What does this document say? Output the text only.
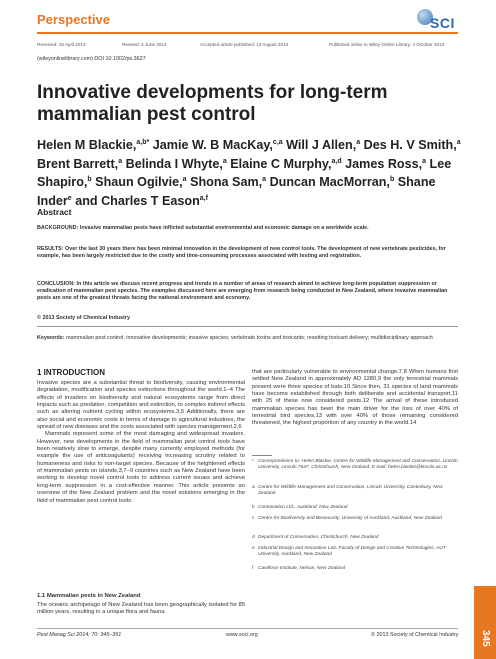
Perspective	SCI
Received: 19 April 2013	Revised: 4 June 2013	Accepted article published: 13 August 2013	Published online in Wiley Online Library: 4 October 2013
(wileyonlinelibrary.com) DOI 10.1002/ps.3627
Innovative developments for long-term mammalian pest control
Helen M Blackie,$^{a,b*}$ Jamie W. B MacKay,$^{c,a}$ Will J Allen,$^a$ Des H. V Smith,$^a$ Brent Barrett,$^a$ Belinda I Whyte,$^a$ Elaine C Murphy,$^{a,d}$ James Ross,$^a$ Lee Shapiro,$^b$ Shaun Ogilvie,$^a$ Shona Sam,$^a$ Duncan MacMorran,$^b$ Shane Inder$^e$ and Charles T Eason$^{a,f}$
Abstract
BACKGROUND: Invasive mammalian pests have inflicted substantial environmental and economic damage on a worldwide scale.
RESULTS: Over the last 30 years there has been minimal innovation in the development of new control tools. The development of new vertebrate pesticides, for example, has been largely restricted due to the costly and time-consuming processes associated with testing and registration.
CONCLUSION: In this article we discuss recent progress and trends in a number of areas of research aimed to achieve long-term population suppression or eradication of mammalian pest species. The examples discussed here are emerging from research being conducted in New Zealand, where invasive mammalian pests are one of the greatest threats facing the national environment and economy.
© 2013 Society of Chemical Industry
Keywords: mammalian pest control; innovative developments; invasive species; vertebrate toxins and toxicants; resetting toxicant delivery; multidisciplinary approach
1 INTRODUCTION
Invasive species are a substantial threat to biodiversity, causing environmental degradation, modification and species extinctions throughout the world.1–4 The effects of invaders on biodiversity and natural ecosystems range from direct impacts such as predation, competition and extinction, to complex indirect effects such as altering nutrient cycling within ecosystems.3,5 Additionally, there are also social and economic costs in terms of damage to agricultural industries, the spread of new diseases and the costs associated with species management.2,6
Mammals represent some of the most damaging and widespread invaders. However, new developments in the field of mammalian pest control tools have been relatively slow to emerge, despite many currently employed methods (for example the use of anticoagulants) receiving increasing scrutiny related to humaneness and risks to non-target species. Because of the heightened effects of mammalian pests on islands,3,7–9 countries such as New Zealand have been working to develop novel control tools to address current issues and achieve long-term suppression in a cost-effective manner. This article presents an overview of the New Zealand problem and the novel solutions emerging in the field of mammalian pest control tools.
1.1 Mammalian pests in New Zealand
The oceanic archipelago of New Zealand has been geographically isolated for 85 million years, resulting in a unique flora and fauna
that are particularly vulnerable to environmental change.7,8 When humans first settled New Zealand in approximately AD 1280,9 the only terrestrial mammals present were three species of bats.10 Since then, 31 species of land mammals have become established through both deliberate and accidental transport,11 with 25 of these now considered pests.12 The arrival of these introduced mammalian species has been the main driver for the loss of over 40% of terrestrial bird species,13 with over 40% of those remaining considered threatened, the highest proportion of any country in the world.14
* Correspondence to: Helen Blackie, Centre for Wildlife Management and Conservation, Lincoln University, Lincoln 7647, Christchurch, New Zealand. E-mail: helen.blackie@lincoln.ac.nz
a Centre for Wildlife Management and Conservation, Lincoln University, Canterbury, New Zealand
b Connovation Ltd., Auckland, New Zealand
c Centre for Biodiversity and Biosecurity, University of Auckland, Auckland, New Zealand
d Department of Conservation, Christchurch, New Zealand
e Industrial Design and Innovation Lab, Faculty of Design and Creative Technologies, AUT University, Auckland, New Zealand
f Cawthron Institute, Nelson, New Zealand
345
Pest Manag Sci 2014; 70: 345–351	www.soci.org	© 2013 Society of Chemical Industry
